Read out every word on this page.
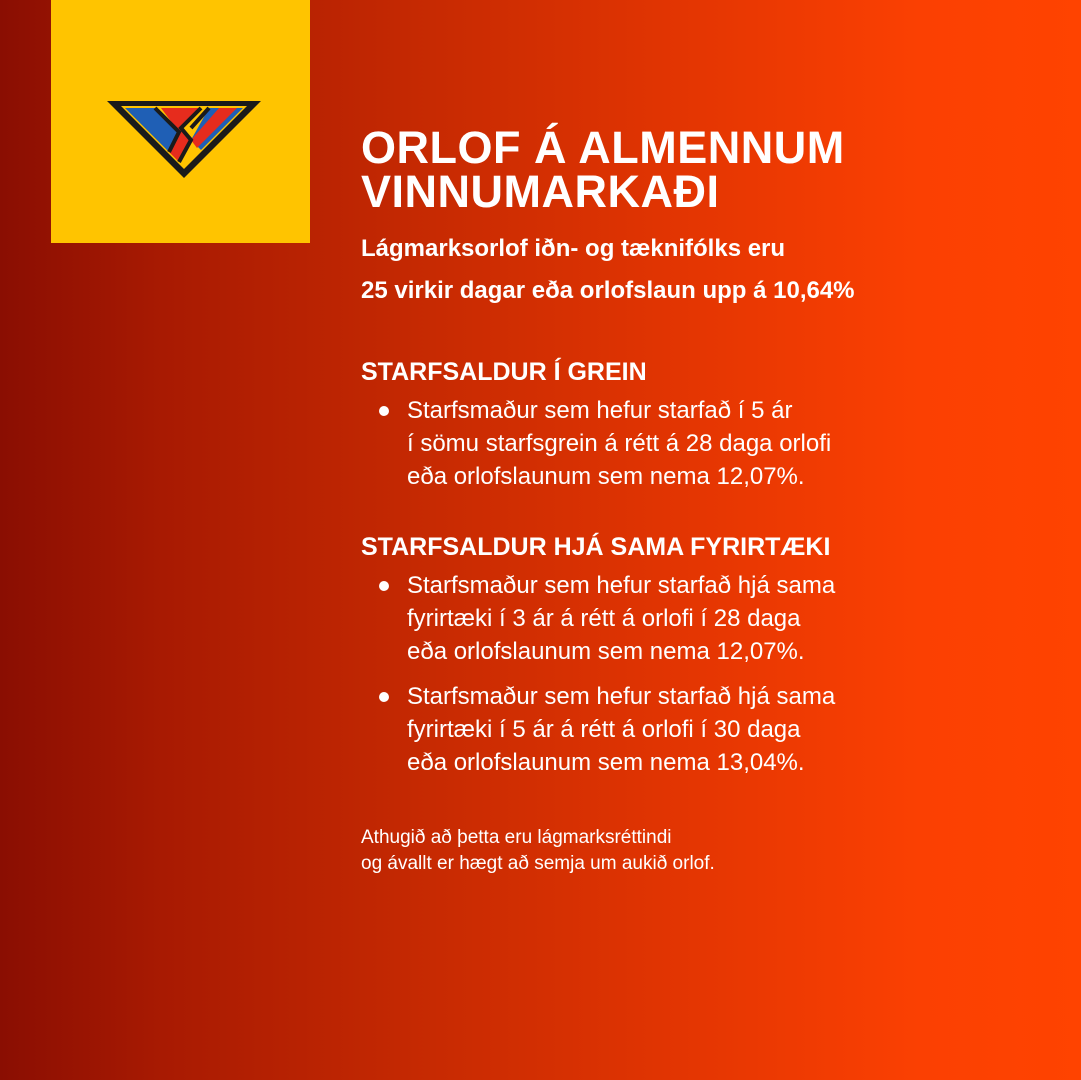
ORLOF Á ALMENNUM
VINNUMARKAÐI
Lágmarksorlof iðn- og tæknifólks eru
25 virkir dagar eða orlofslaun upp á 10,64%
STARFSALDUR Í GREIN
Starfsmaður sem hefur starfað í 5 ár
í sömu starfsgrein á rétt á 28 daga orlofi
eða orlofslaunum sem nema 12,07%.
STARFSALDUR HJÁ SAMA FYRIRTÆKI
Starfsmaður sem hefur starfað hjá sama
fyrirtæki í 3 ár á rétt á orlofi í 28 daga
eða orlofslaunum sem nema 12,07%.
Starfsmaður sem hefur starfað hjá sama
fyrirtæki í 5 ár á rétt á orlofi í 30 daga
eða orlofslaunum sem nema 13,04%.
Athugið að þetta eru lágmarksréttindi
og ávallt er hægt að semja um aukið orlof.
